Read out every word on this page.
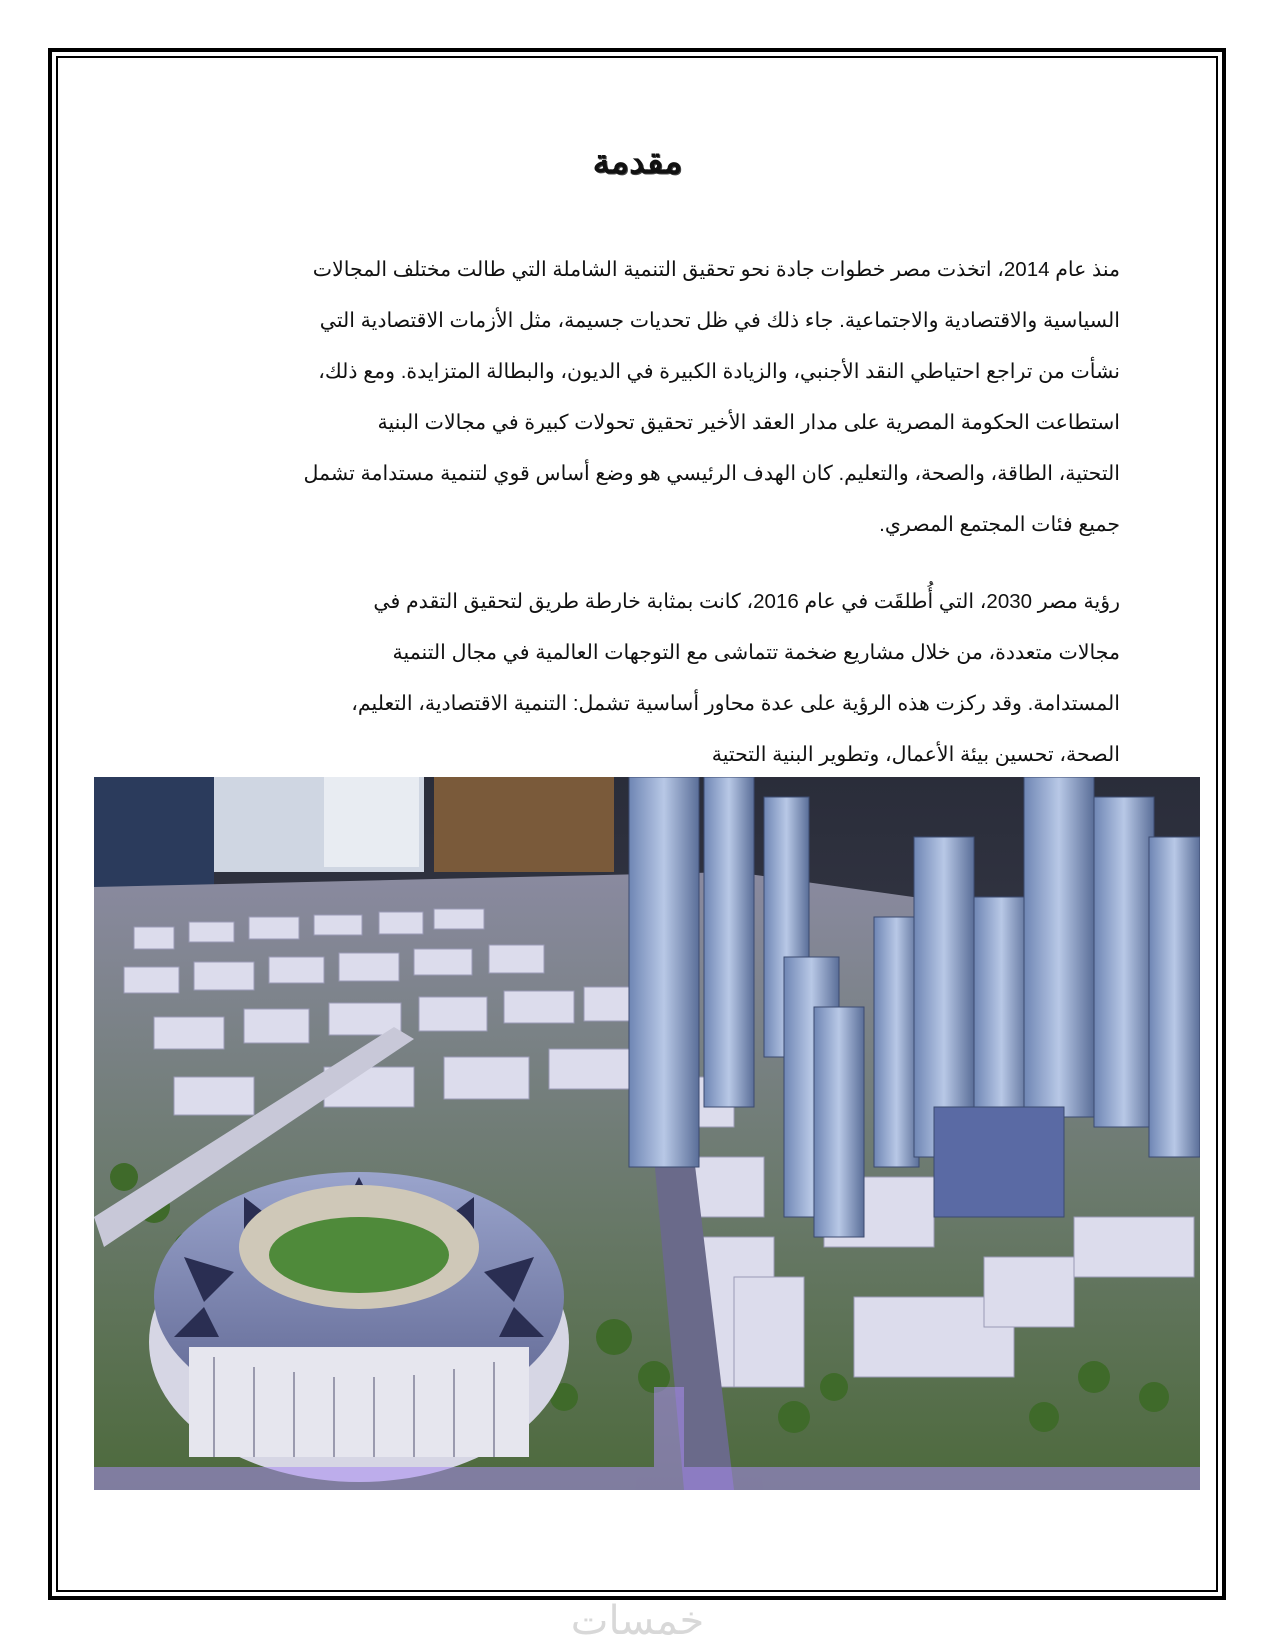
مقدمة
منذ عام 2014، اتخذت مصر خطوات جادة نحو تحقيق التنمية الشاملة التي طالت مختلف المجالات
السياسية والاقتصادية والاجتماعية. جاء ذلك في ظل تحديات جسيمة، مثل الأزمات الاقتصادية التي
نشأت من تراجع احتياطي النقد الأجنبي، والزيادة الكبيرة في الديون، والبطالة المتزايدة. ومع ذلك،
استطاعت الحكومة المصرية على مدار العقد الأخير تحقيق تحولات كبيرة في مجالات البنية
التحتية، الطاقة، والصحة، والتعليم. كان الهدف الرئيسي هو وضع أساس قوي لتنمية مستدامة تشمل
جميع فئات المجتمع المصري.
رؤية مصر 2030، التي أُطلقَت في عام 2016، كانت بمثابة خارطة طريق لتحقيق التقدم في
مجالات متعددة، من خلال مشاريع ضخمة تتماشى مع التوجهات العالمية في مجال التنمية
المستدامة. وقد ركزت هذه الرؤية على عدة محاور أساسية تشمل: التنمية الاقتصادية، التعليم،
الصحة، تحسين بيئة الأعمال، وتطوير البنية التحتية
خمسات
